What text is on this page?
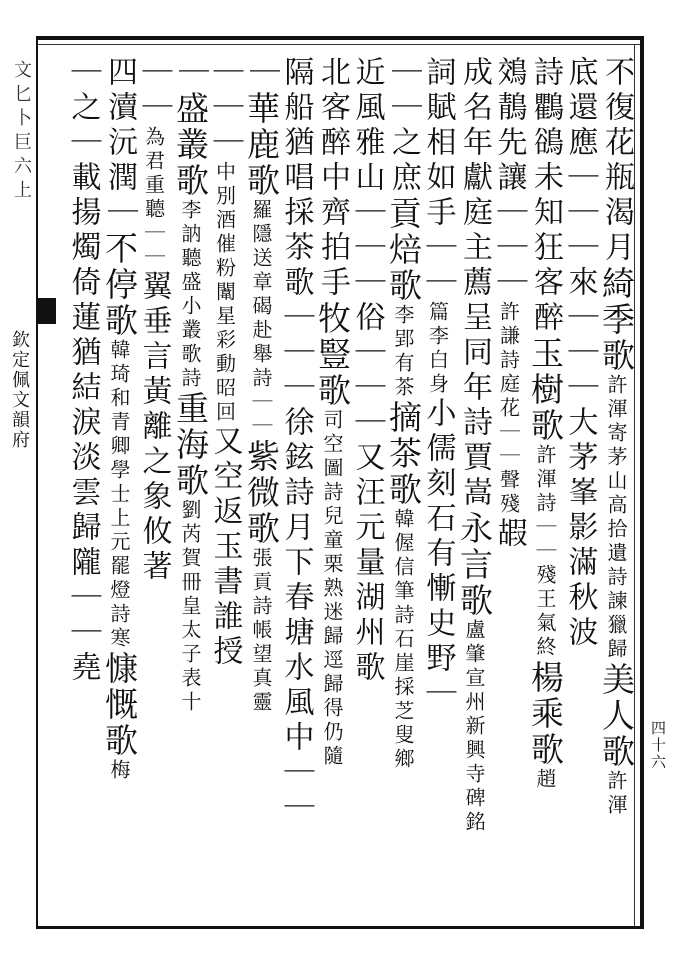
文匕卜巨六上
欽定佩文韻府
四十六
不復花瓶渴月綺季歌許渾寄茅山高拾遺詩諫獵歸美人歌許渾
底還應｜｜｜來｜｜｜大茅峯影滿秋波
詩鸜鵒未知狂客醉玉樹歌許渾詩｜｜殘王氣終楊乘歌趙
鵁鶄先讓｜｜｜許謙詩庭花｜｜聲殘嘏
成名年獻庭主薦呈同年詩賈嵩永言歌盧肇宣州新興寺碑銘
詞賦相如手｜｜篇李白身小儒刻石有慚史野｜
｜｜之庶貢焙歌李郢有茶摘茶歌韓偓信筆詩石崖採芝叟鄉
近風雅山｜｜｜俗｜｜｜又汪元量湖州歌
北客醉中齊拍手牧豎歌司空圖詩兒童栗熟迷歸逕歸得仍隨
隔船猶唱採茶歌｜｜｜徐鉉詩月下春塘水風中｜｜
｜華鹿歌羅隱送章碣赴舉詩｜｜紫微歌張貢詩帳望真靈
｜｜｜中別酒催粉闈星彩動昭回又空返玉書誰授
｜盛叢歌李訥聽盛小叢歌詩重海歌劉芮賀冊皇太子表十
｜｜為君重聽｜｜翼垂言黃離之象攸著
四瀆沅潤｜不停歌韓琦和青卿學士上元罷燈詩寒慷慨歌梅
｜之｜載揚燭倚蓮猶結淚淡雲歸隴｜｜堯
